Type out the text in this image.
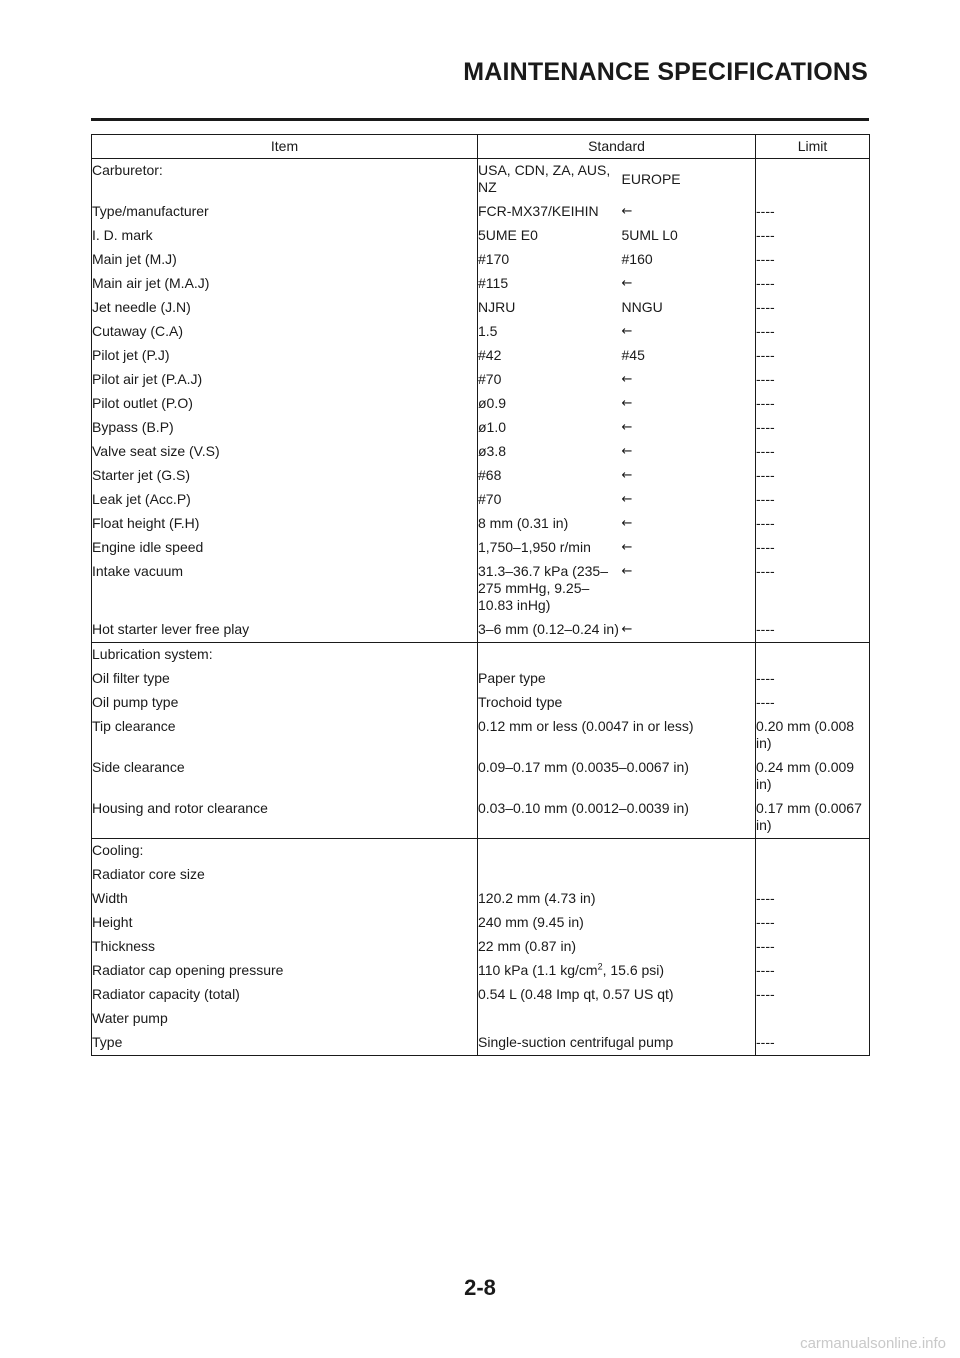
MAINTENANCE SPECIFICATIONS
Item	Standard		Limit
Carburetor:	USA, CDN, ZA, AUS, NZ	EUROPE	
Type/manufacturer	FCR-MX37/KEIHIN	←	----
I. D. mark	5UME E0	5UML L0	----
Main jet (M.J)	#170	#160	----
Main air jet (M.A.J)	#115	←	----
Jet needle (J.N)	NJRU	NNGU	----
Cutaway (C.A)	1.5	←	----
Pilot jet (P.J)	#42	#45	----
Pilot air jet (P.A.J)	#70	←	----
Pilot outlet (P.O)	ø0.9	←	----
Bypass (B.P)	ø1.0	←	----
Valve seat size (V.S)	ø3.8	←	----
Starter jet (G.S)	#68	←	----
Leak jet (Acc.P)	#70	←	----
Float height (F.H)	8 mm (0.31 in)	←	----
Engine idle speed	1,750–1,950 r/min	←	----
Intake vacuum	31.3–36.7 kPa (235–275 mmHg, 9.25–10.83 inHg)	←	----
Hot starter lever free play	3–6 mm (0.12–0.24 in)	←	----
Lubrication system:			
Oil filter type	Paper type		----
Oil pump type	Trochoid type		----
Tip clearance	0.12 mm or less (0.0047 in or less)		0.20 mm (0.008 in)
Side clearance	0.09–0.17 mm (0.0035–0.0067 in)		0.24 mm (0.009 in)
Housing and rotor clearance	0.03–0.10 mm (0.0012–0.0039 in)		0.17 mm (0.0067 in)
Cooling:			
Radiator core size			
Width	120.2 mm (4.73 in)		----
Height	240 mm (9.45 in)		----
Thickness	22 mm (0.87 in)		----
Radiator cap opening pressure	110 kPa (1.1 $kg/cm^2$, 15.6 psi)		----
Radiator capacity (total)	0.54 L (0.48 Imp qt, 0.57 US qt)		----
Water pump			
Type	Single-suction centrifugal pump		----
2-8
carmanualsonline.info
